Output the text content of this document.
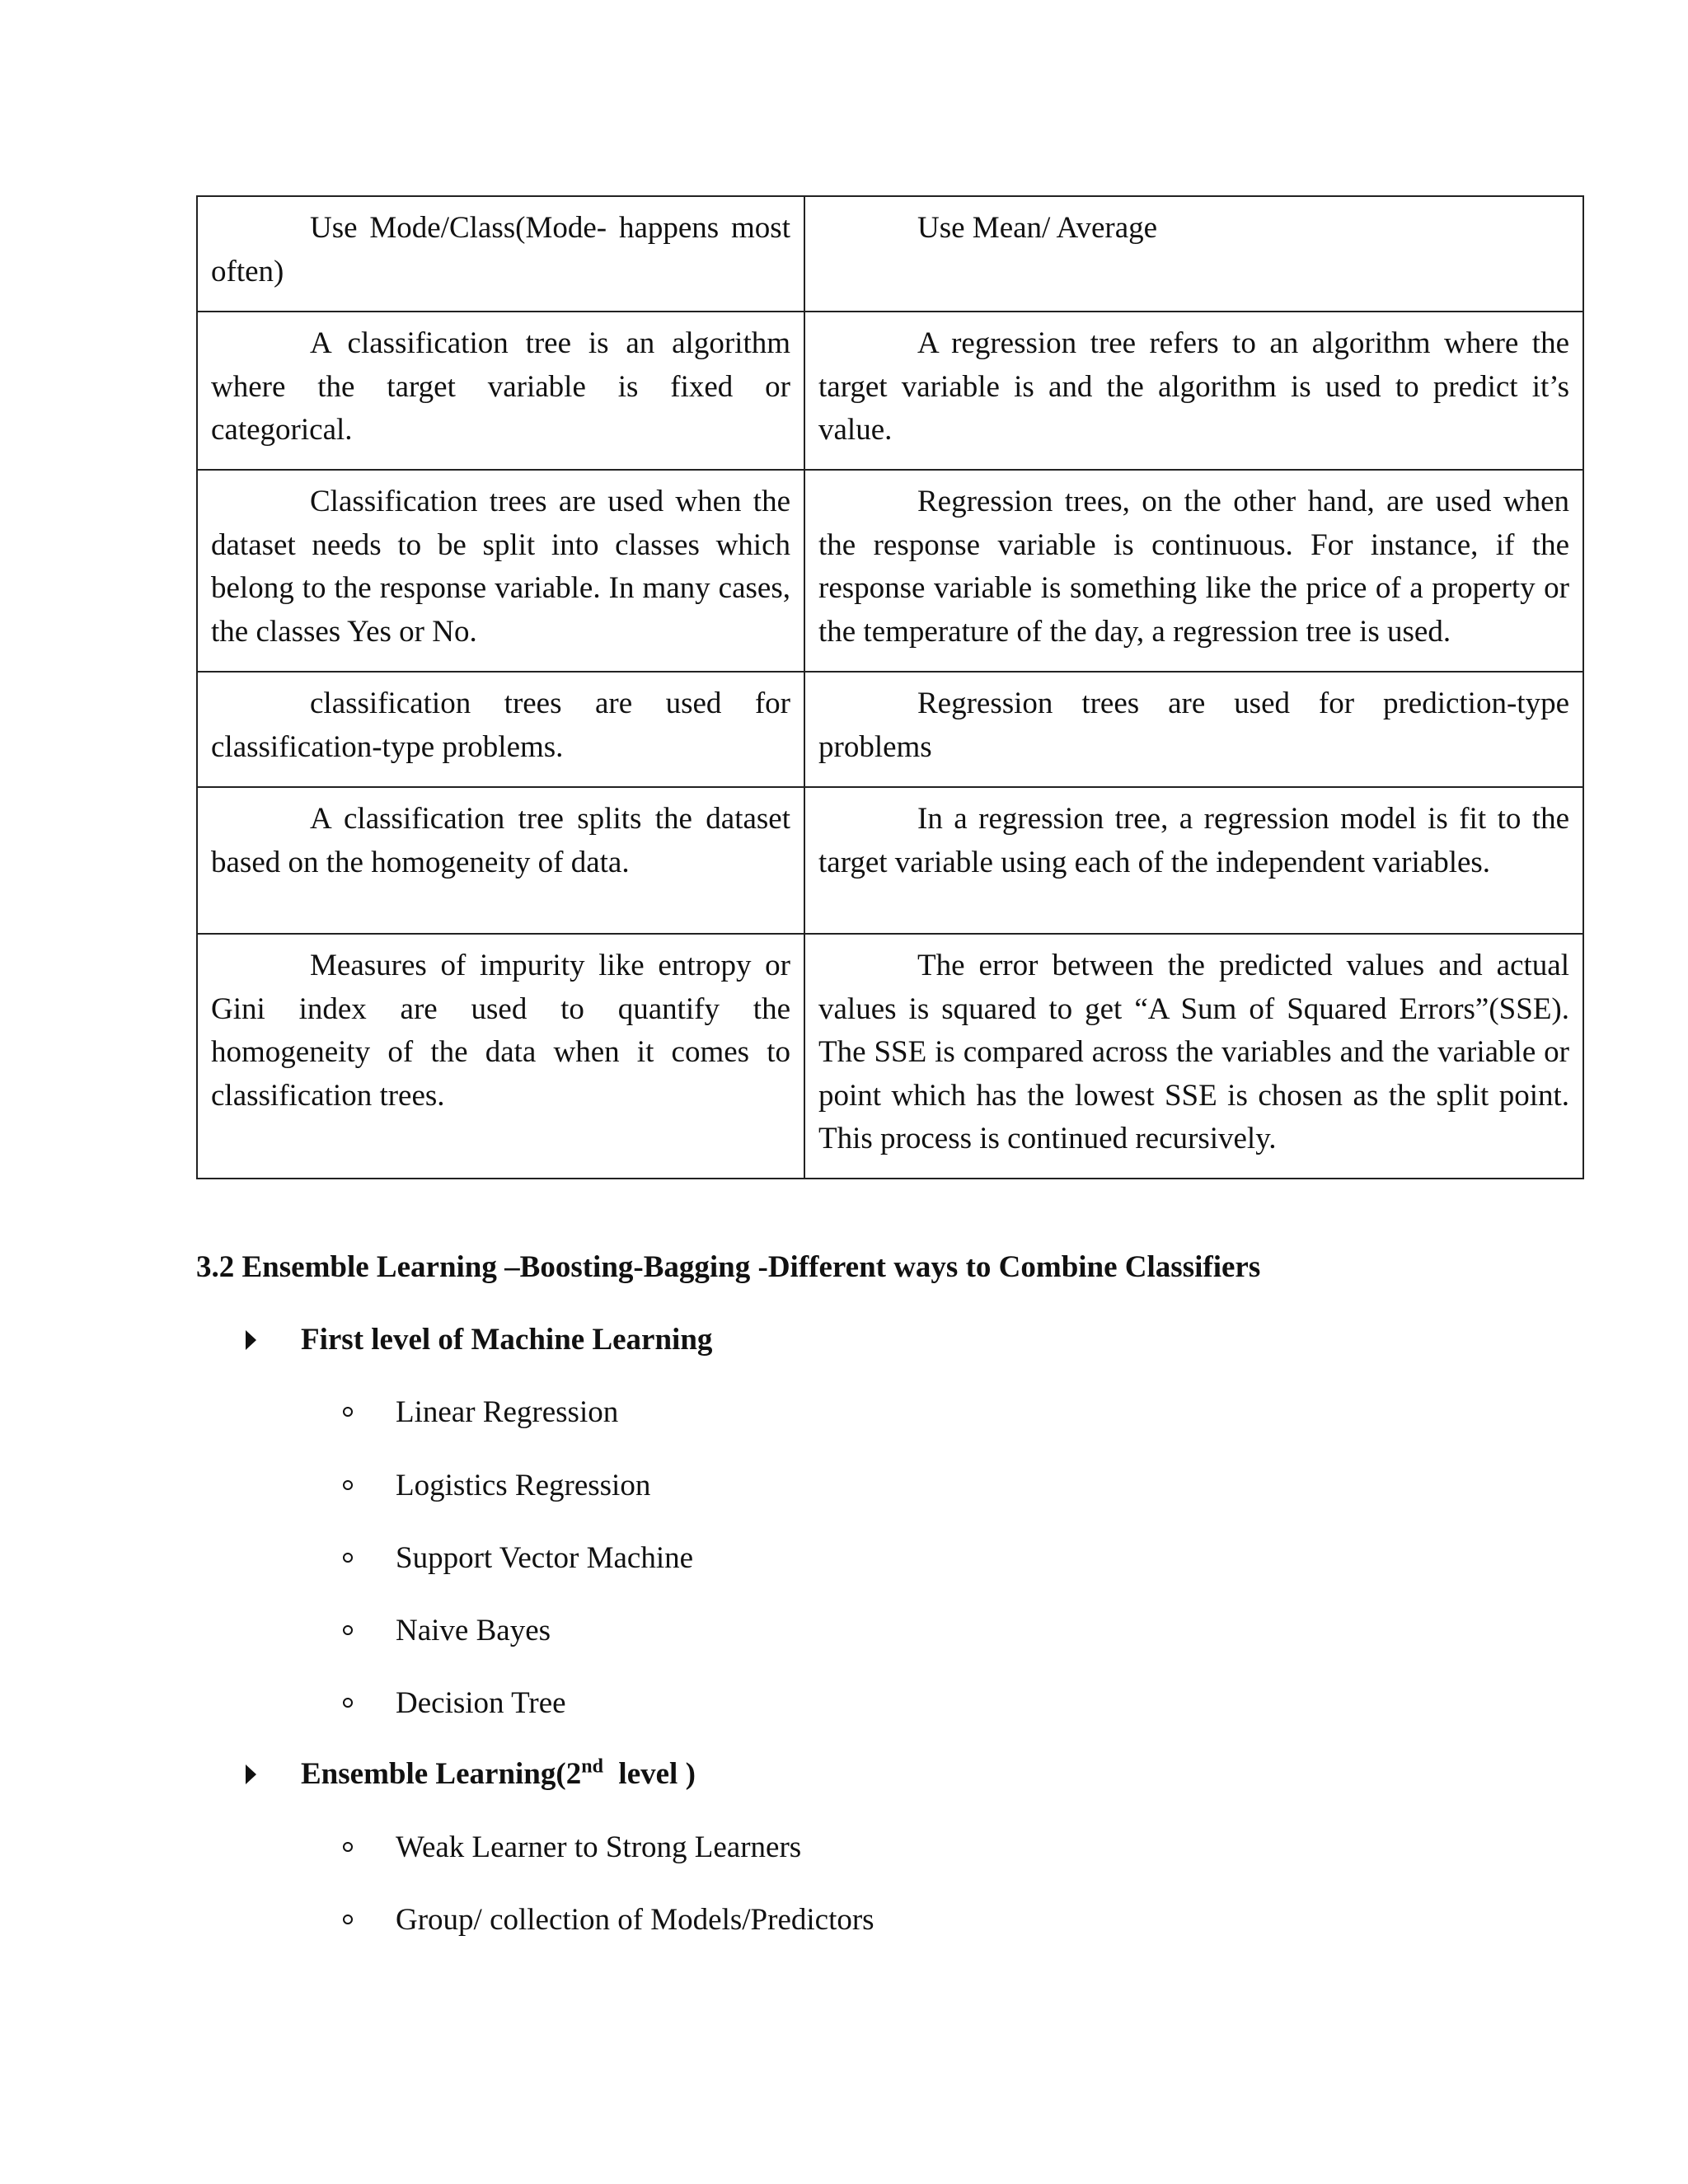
Use Mode/Class(Mode- happens most often)	Use Mean/ Average
A classification tree is an algorithm where the target variable is fixed or categorical.	A regression tree refers to an algorithm where the target variable is and the algorithm is used to predict it’s value.
Classification trees are used when the dataset needs to be split into classes which belong to the response variable. In many cases, the classes Yes or No.	Regression trees, on the other hand, are used when the response variable is continuous. For instance, if the response variable is something like the price of a property or the temperature of the day, a regression tree is used.
classification trees are used for classification-type problems.	Regression trees are used for prediction-type problems
A classification tree splits the dataset based on the homogeneity of data.	In a regression tree, a regression model is fit to the target variable using each of the independent variables.
Measures of impurity like entropy or Gini index are used to quantify the homogeneity of the data when it comes to classification trees.	The error between the predicted values and actual values is squared to get “A Sum of Squared Errors”(SSE). The SSE is compared across the variables and the variable or point which has the lowest SSE is chosen as the split point. This process is continued recursively.
3.2 Ensemble Learning –Boosting-Bagging -Different ways to Combine Classifiers
First level of Machine Learning
Linear Regression
Logistics Regression
Support Vector Machine
Naive Bayes
Decision Tree
Ensemble Learning(2nd  level )
Weak Learner to Strong Learners
Group/ collection of Models/Predictors
